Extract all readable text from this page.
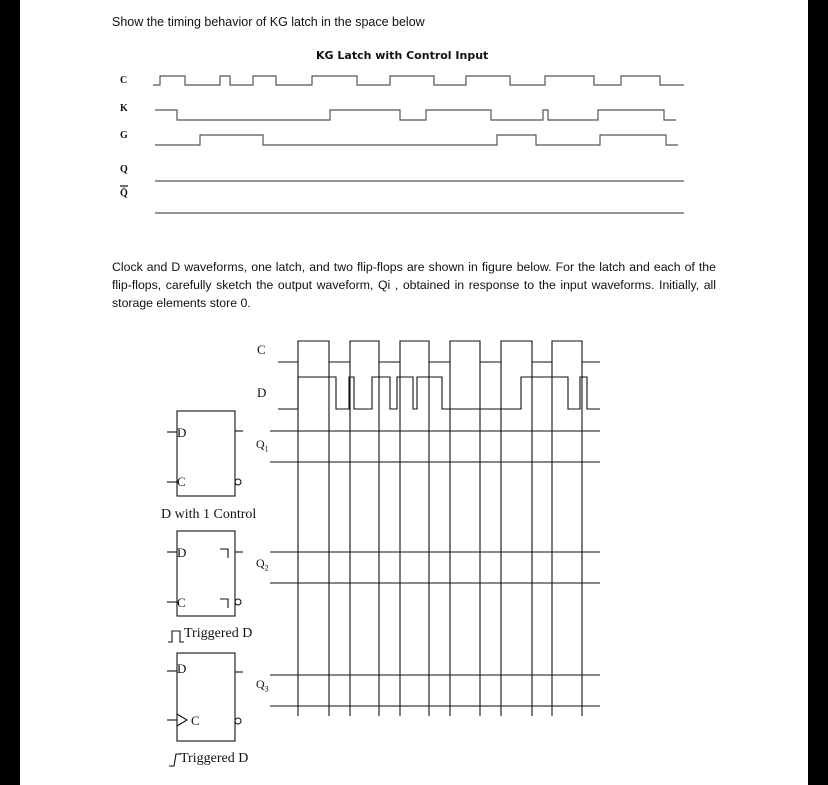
Show the timing behavior of KG latch in the space below
KG Latch with Control Input
C
K
G
Q
Q̄
Clock and D waveforms, one latch, and two flip-flops are shown in figure below. For the latch and each of the flip-flops, carefully sketch the output waveform, Qi , obtained in response to the input waveforms. Initially, all storage elements store 0.
C
D
D
C
$Q_1$
D with 1 Control
D
C
$Q_2$
Triggered D
D
C
$Q_3$
Triggered D
